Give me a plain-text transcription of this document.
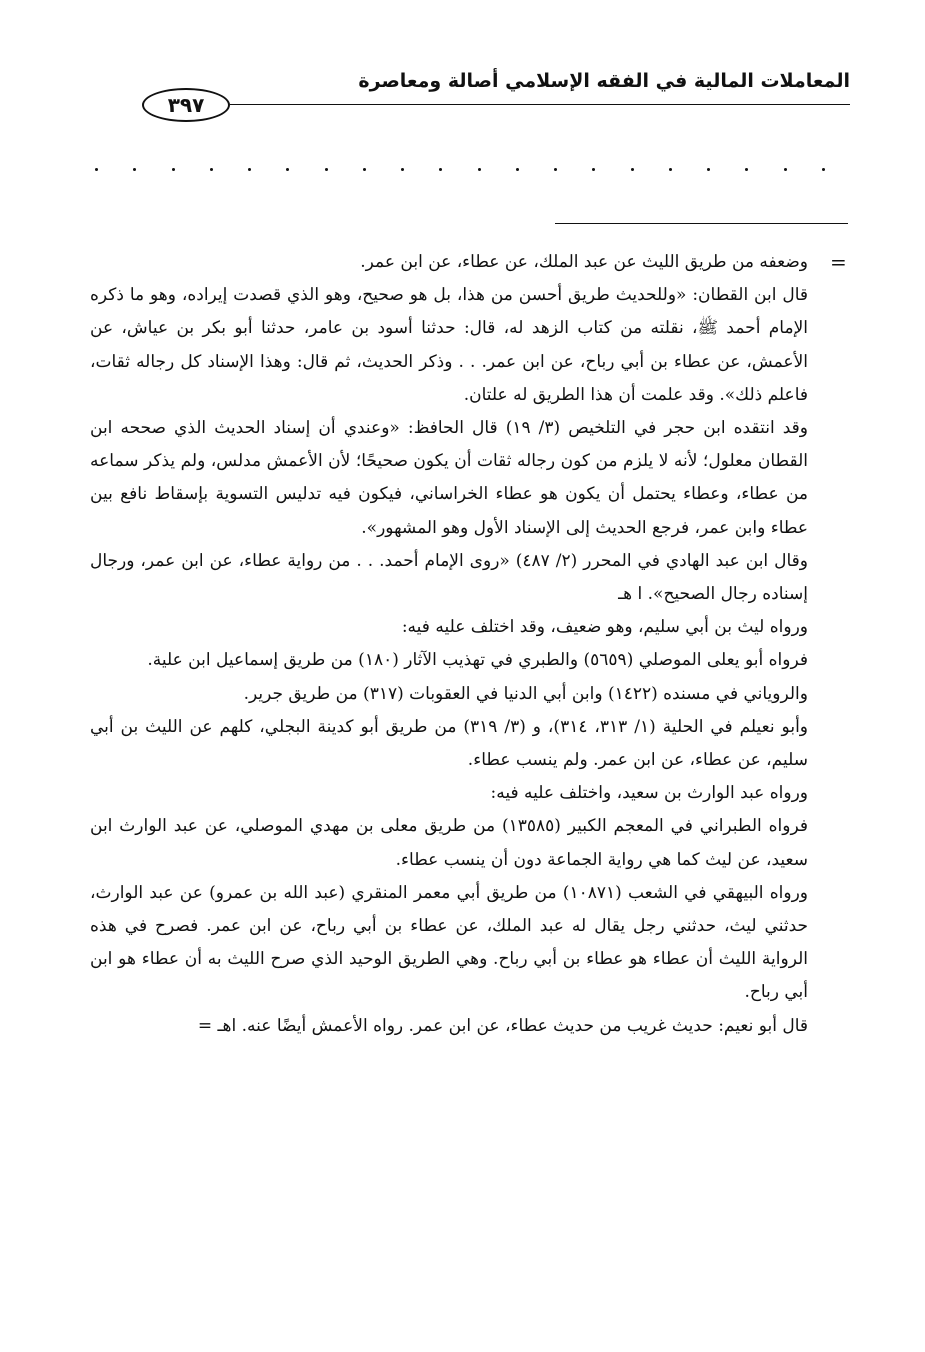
المعاملات المالية في الفقه الإسلامي أصالة ومعاصرة
٣٩٧
=

وضعفه من طريق الليث عن عبد الملك، عن عطاء، عن ابن عمر.

قال ابن القطان: «وللحديث طريق أحسن من هذا، بل هو صحيح، وهو الذي قصدت إيراده، وهو ما ذكره الإمام أحمد ﷺ، نقلته من كتاب الزهد له، قال: حدثنا أسود بن عامر، حدثنا أبو بكر بن عياش، عن الأعمش، عن عطاء بن أبي رباح، عن ابن عمر. . . وذكر الحديث، ثم قال: وهذا الإسناد كل رجاله ثقات، فاعلم ذلك». وقد علمت أن هذا الطريق له علتان.

وقد انتقده ابن حجر في التلخيص (٣/ ١٩) قال الحافظ: «وعندي أن إسناد الحديث الذي صححه ابن القطان معلول؛ لأنه لا يلزم من كون رجاله ثقات أن يكون صحيحًا؛ لأن الأعمش مدلس، ولم يذكر سماعه من عطاء، وعطاء يحتمل أن يكون هو عطاء الخراساني، فيكون فيه تدليس التسوية بإسقاط نافع بين عطاء وابن عمر، فرجع الحديث إلى الإسناد الأول وهو المشهور».

وقال ابن عبد الهادي في المحرر (٢/ ٤٨٧) «روى الإمام أحمد. . . من رواية عطاء، عن ابن عمر، ورجال إسناده رجال الصحيح». ا هـ

ورواه ليث بن أبي سليم، وهو ضعيف، وقد اختلف عليه فيه:

فرواه أبو يعلى الموصلي (٥٦٥٩) والطبري في تهذيب الآثار (١٨٠) من طريق إسماعيل ابن علية.

والروياني في مسنده (١٤٢٢) وابن أبي الدنيا في العقوبات (٣١٧) من طريق جرير.

وأبو نعيلم في الحلية (١/ ٣١٣، ٣١٤)، و (٣/ ٣١٩) من طريق أبو كدينة البجلي، كلهم عن الليث بن أبي سليم، عن عطاء، عن ابن عمر. ولم ينسب عطاء.

ورواه عبد الوارث بن سعيد، واختلف عليه فيه:

فرواه الطبراني في المعجم الكبير (١٣٥٨٥) من طريق معلى بن مهدي الموصلي، عن عبد الوارث ابن سعيد، عن ليث كما هي رواية الجماعة دون أن ينسب عطاء.

ورواه البيهقي في الشعب (١٠٨٧١) من طريق أبي معمر المنقري (عبد الله بن عمرو) عن عبد الوارث، حدثني ليث، حدثني رجل يقال له عبد الملك، عن عطاء بن أبي رباح، عن ابن عمر. فصرح في هذه الرواية الليث أن عطاء هو عطاء بن أبي رباح. وهي الطريق الوحيد الذي صرح الليث به أن عطاء هو ابن أبي رباح.

قال أبو نعيم: حديث غريب من حديث عطاء، عن ابن عمر. رواه الأعمش أيضًا عنه. اهـ =
